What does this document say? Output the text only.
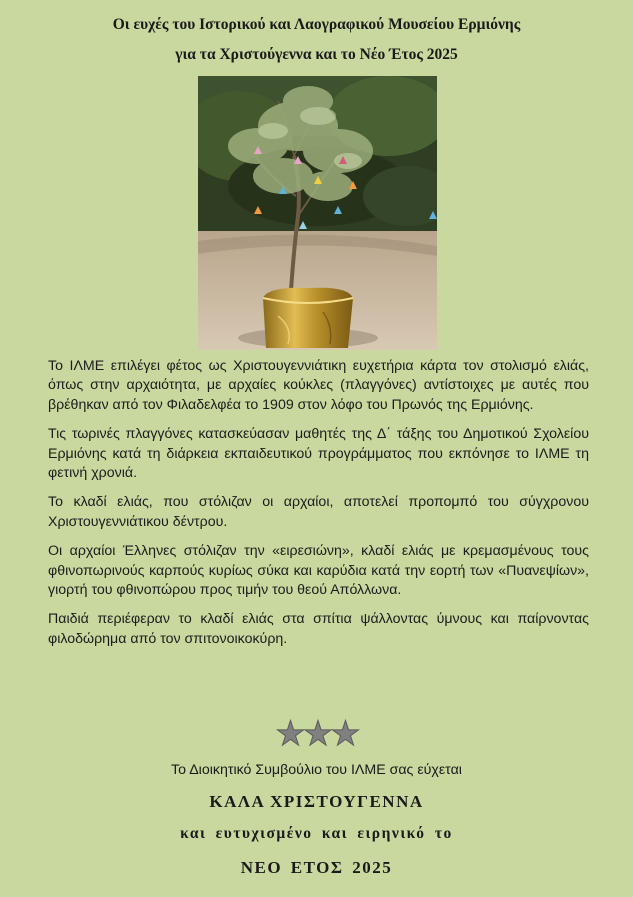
Οι ευχές του Ιστορικού και Λαογραφικού Μουσείου Ερμιόνης
για τα Χριστούγεννα και το Νέο Έτος 2025

Το ΙΛΜΕ επιλέγει φέτος ως Χριστουγεννιάτικη ευχετήρια κάρτα τον στολισμό ελιάς, όπως στην αρχαιότητα, με αρχαίες κούκλες (πλαγγόνες) αντίστοιχες με αυτές που βρέθηκαν από τον Φιλαδελφέα το 1909 στον λόφο του Πρωνός της Ερμιόνης.

Τις τωρινές πλαγγόνες κατασκεύασαν μαθητές της Δ΄ τάξης του Δημοτικού Σχολείου Ερμιόνης κατά τη διάρκεια εκπαιδευτικού προγράμματος που εκπόνησε το ΙΛΜΕ τη φετινή χρονιά.

Το κλαδί ελιάς, που στόλιζαν οι αρχαίοι, αποτελεί προπομπό του σύγχρονου Χριστουγεννιάτικου δέντρου.

Οι αρχαίοι Έλληνες στόλιζαν την «ειρεσιώνη», κλαδί ελιάς με κρεμασμένους τους φθινοπωρινούς καρπούς κυρίως σύκα και καρύδια κατά την εορτή των «Πυανεψίων», γιορτή του φθινοπώρου προς τιμήν του θεού Απόλλωνα.

Παιδιά περιέφεραν το κλαδί ελιάς στα σπίτια ψάλλοντας ύμνους και παίρνοντας φιλοδώρημα από τον σπιτονοικοκύρη.

★★★
Το Διοικητικό Συμβούλιο του ΙΛΜΕ σας εύχεται
ΚΑΛΑ ΧΡΙΣΤΟΥΓΕΝΝΑ
και ευτυχισμένο και ειρηνικό το
ΝΕΟ ΕΤΟΣ 2025
